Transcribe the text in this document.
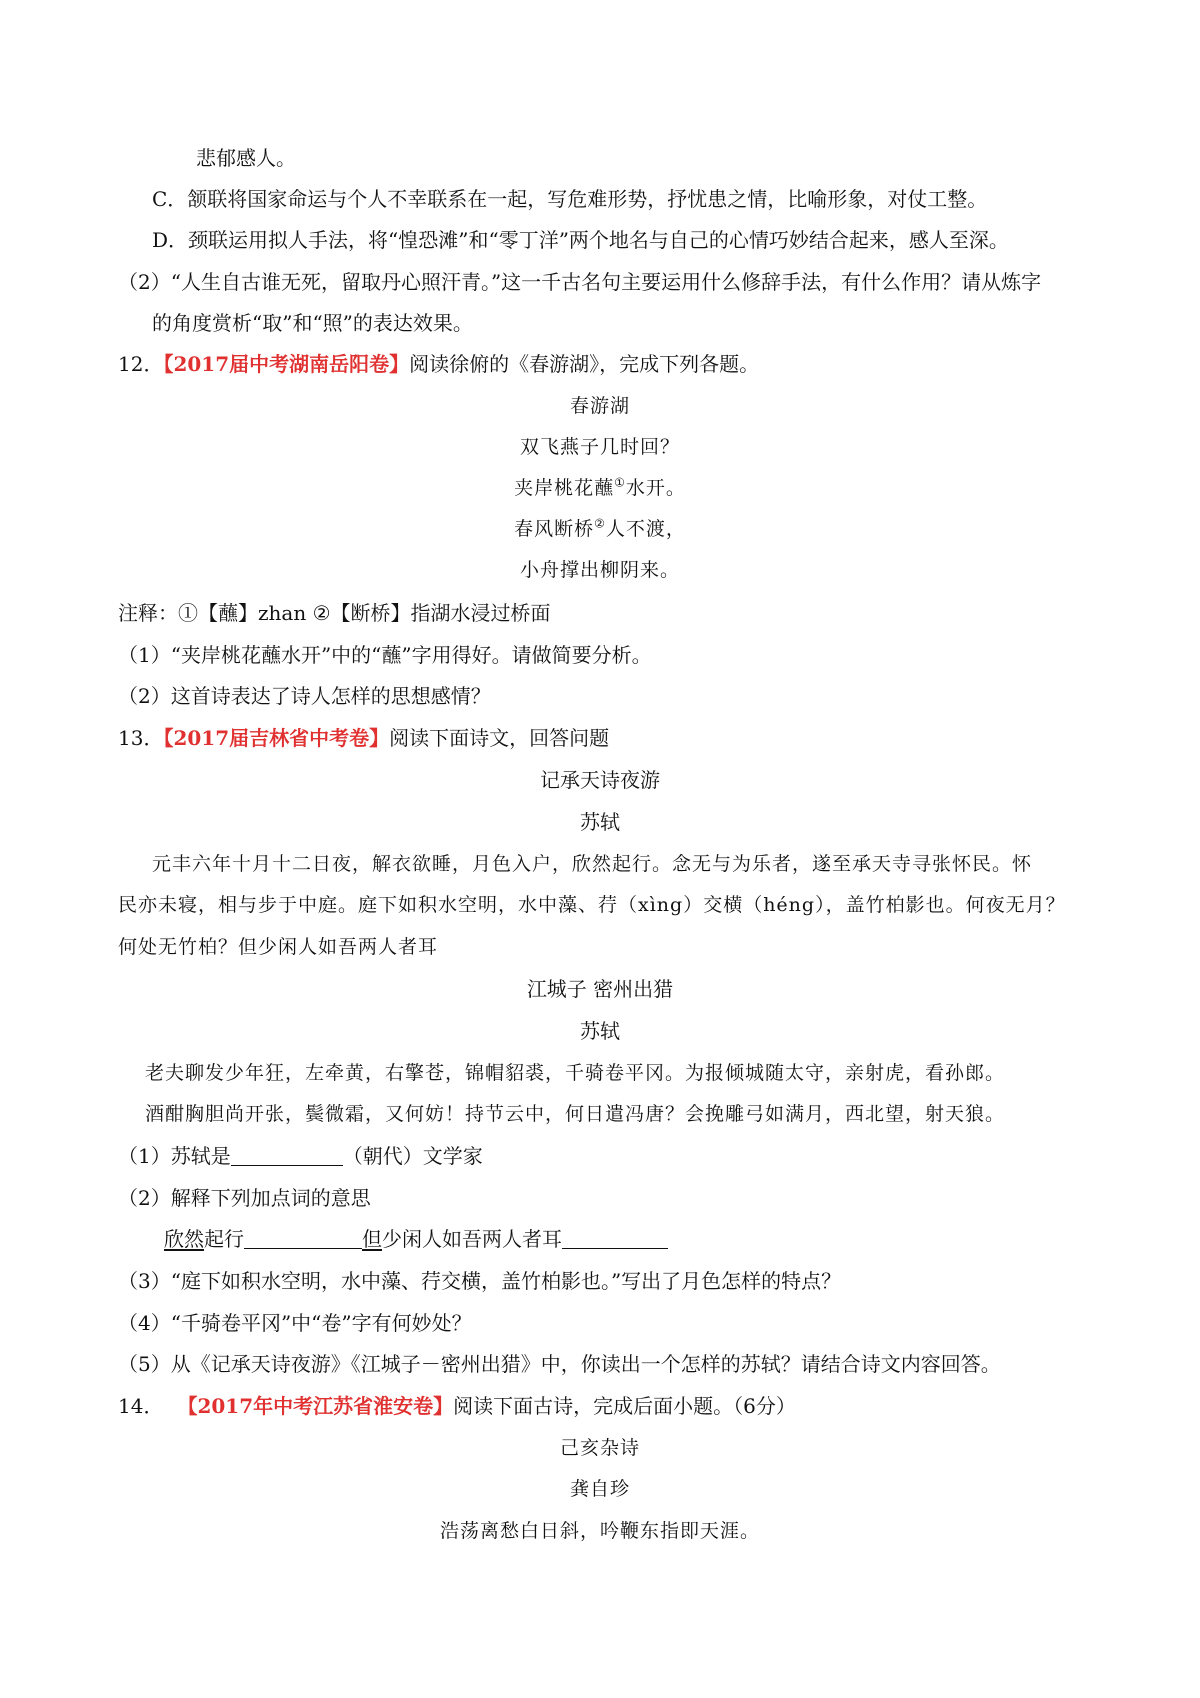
悲郁感人。
C．颔联将国家命运与个人不幸联系在一起，写危难形势，抒忧患之情，比喻形象，对仗工整。
D．颈联运用拟人手法，将“惶恐滩”和“零丁洋”两个地名与自己的心情巧妙结合起来，感人至深。
（2）“人生自古谁无死，留取丹心照汗青。”这一千古名句主要运用什么修辞手法，有什么作用？请从炼字
的角度赏析“取”和“照”的表达效果。
12．【2017届中考湖南岳阳卷】阅读徐俯的《春游湖》，完成下列各题。
春游湖
双飞燕子几时回？
夹岸桃花蘸①水开。
春风断桥②人不渡，
小舟撑出柳阴来。
注释：①【蘸】zhan ②【断桥】指湖水浸过桥面
（1）“夹岸桃花蘸水开”中的“蘸”字用得好。请做简要分析。
（2）这首诗表达了诗人怎样的思想感情？
13．【2017届吉林省中考卷】阅读下面诗文，回答问题
记承天诗夜游
苏轼
元丰六年十月十二日夜，解衣欲睡，月色入户，欣然起行。念无与为乐者，遂至承天寺寻张怀民。怀
民亦未寝，相与步于中庭。庭下如积水空明，水中藻、荇（xìng）交横（héng），盖竹柏影也。何夜无月？
何处无竹柏？但少闲人如吾两人者耳
江城子 密州出猎
苏轼
老夫聊发少年狂，左牵黄，右擎苍，锦帽貂裘，千骑卷平冈。为报倾城随太守，亲射虎，看孙郎。
酒酣胸胆尚开张，鬓微霜，又何妨！持节云中，何日遣冯唐？会挽雕弓如满月，西北望，射天狼。
（1）苏轼是	（朝代）文学家
（2）解释下列加点词的意思
欣然起行	但少闲人如吾两人者耳
（3）“庭下如积水空明，水中藻、荇交横，盖竹柏影也。”写出了月色怎样的特点？
（4）“千骑卷平冈”中“卷”字有何妙处？
（5）从《记承天诗夜游》《江城子－密州出猎》中，你读出一个怎样的苏轼？请结合诗文内容回答。
14． 【2017年中考江苏省淮安卷】阅读下面古诗，完成后面小题。（6分）
己亥杂诗
龚自珍
浩荡离愁白日斜，吟鞭东指即天涯。
